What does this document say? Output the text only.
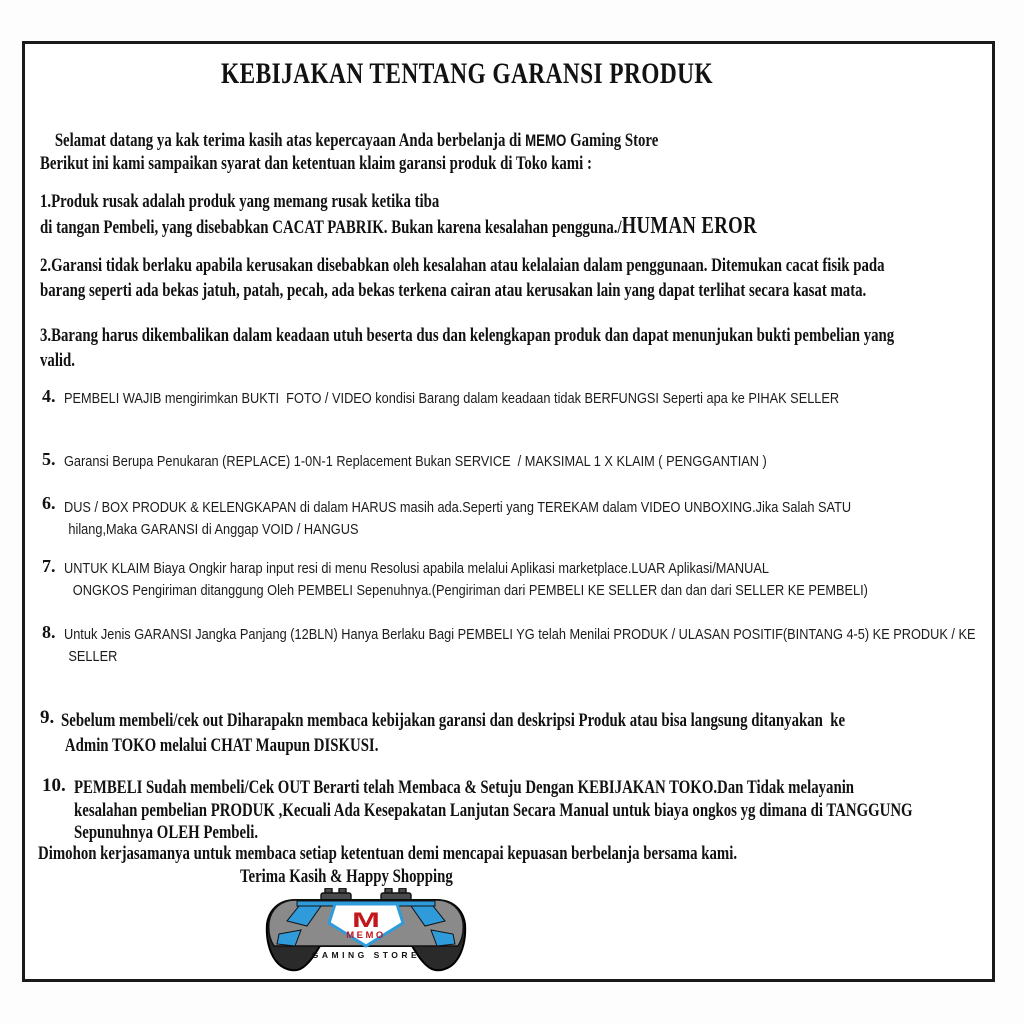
KEBIJAKAN TENTANG GARANSI PRODUK

Selamat datang ya kak terima kasih atas kepercayaan Anda berbelanja di MEMO Gaming Store

Berikut ini kami sampaikan syarat dan ketentuan klaim garansi produk di Toko kami :
1.Produk rusak adalah produk yang memang rusak ketika tiba
di tangan Pembeli, yang disebabkan CACAT PABRIK. Bukan karena kesalahan pengguna./HUMAN EROR
2.Garansi tidak berlaku apabila kerusakan disebabkan oleh kesalahan atau kelalaian dalam penggunaan. Ditemukan cacat fisik pada
barang seperti ada bekas jatuh, patah, pecah, ada bekas terkena cairan atau kerusakan lain yang dapat terlihat secara kasat mata.
3.Barang harus dikembalikan dalam keadaan utuh beserta dus dan kelengkapan produk dan dapat menunjukan bukti pembelian yang
valid.
4. PEMBELI WAJIB mengirimkan BUKTI  FOTO / VIDEO kondisi Barang dalam keadaan tidak BERFUNGSI Seperti apa ke PIHAK SELLER
5. Garansi Berupa Penukaran (REPLACE) 1-0N-1 Replacement Bukan SERVICE  / MAKSIMAL 1 X KLAIM ( PENGGANTIAN )
6. DUS / BOX PRODUK & KELENGKAPAN di dalam HARUS masih ada.Seperti yang TEREKAM dalam VIDEO UNBOXING.Jika Salah SATU
hilang,Maka GARANSI di Anggap VOID / HANGUS
7. UNTUK KLAIM Biaya Ongkir harap input resi di menu Resolusi apabila melalui Aplikasi marketplace.LUAR Aplikasi/MANUAL
ONGKOS Pengiriman ditanggung Oleh PEMBELI Sepenuhnya.(Pengiriman dari PEMBELI KE SELLER dan dan dari SELLER KE PEMBELI)
8. Untuk Jenis GARANSI Jangka Panjang (12BLN) Hanya Berlaku Bagi PEMBELI YG telah Menilai PRODUK / ULASAN POSITIF(BINTANG 4-5) KE PRODUK / KE
SELLER
9. Sebelum membeli/cek out Diharapakn membaca kebijakan garansi dan deskripsi Produk atau bisa langsung ditanyakan  ke
Admin TOKO melalui CHAT Maupun DISKUSI.
10. PEMBELI Sudah membeli/Cek OUT Berarti telah Membaca & Setuju Dengan KEBIJAKAN TOKO.Dan Tidak melayanin
kesalahan pembelian PRODUK ,Kecuali Ada Kesepakatan Lanjutan Secara Manual untuk biaya ongkos yg dimana di TANGGUNG
Sepunuhnya OLEH Pembeli.
Dimohon kerjasamanya untuk membaca setiap ketentuan demi mencapai kepuasan berbelanja bersama kami.
Terima Kasih & Happy Shopping
M
MEMO
GAMING STORE
